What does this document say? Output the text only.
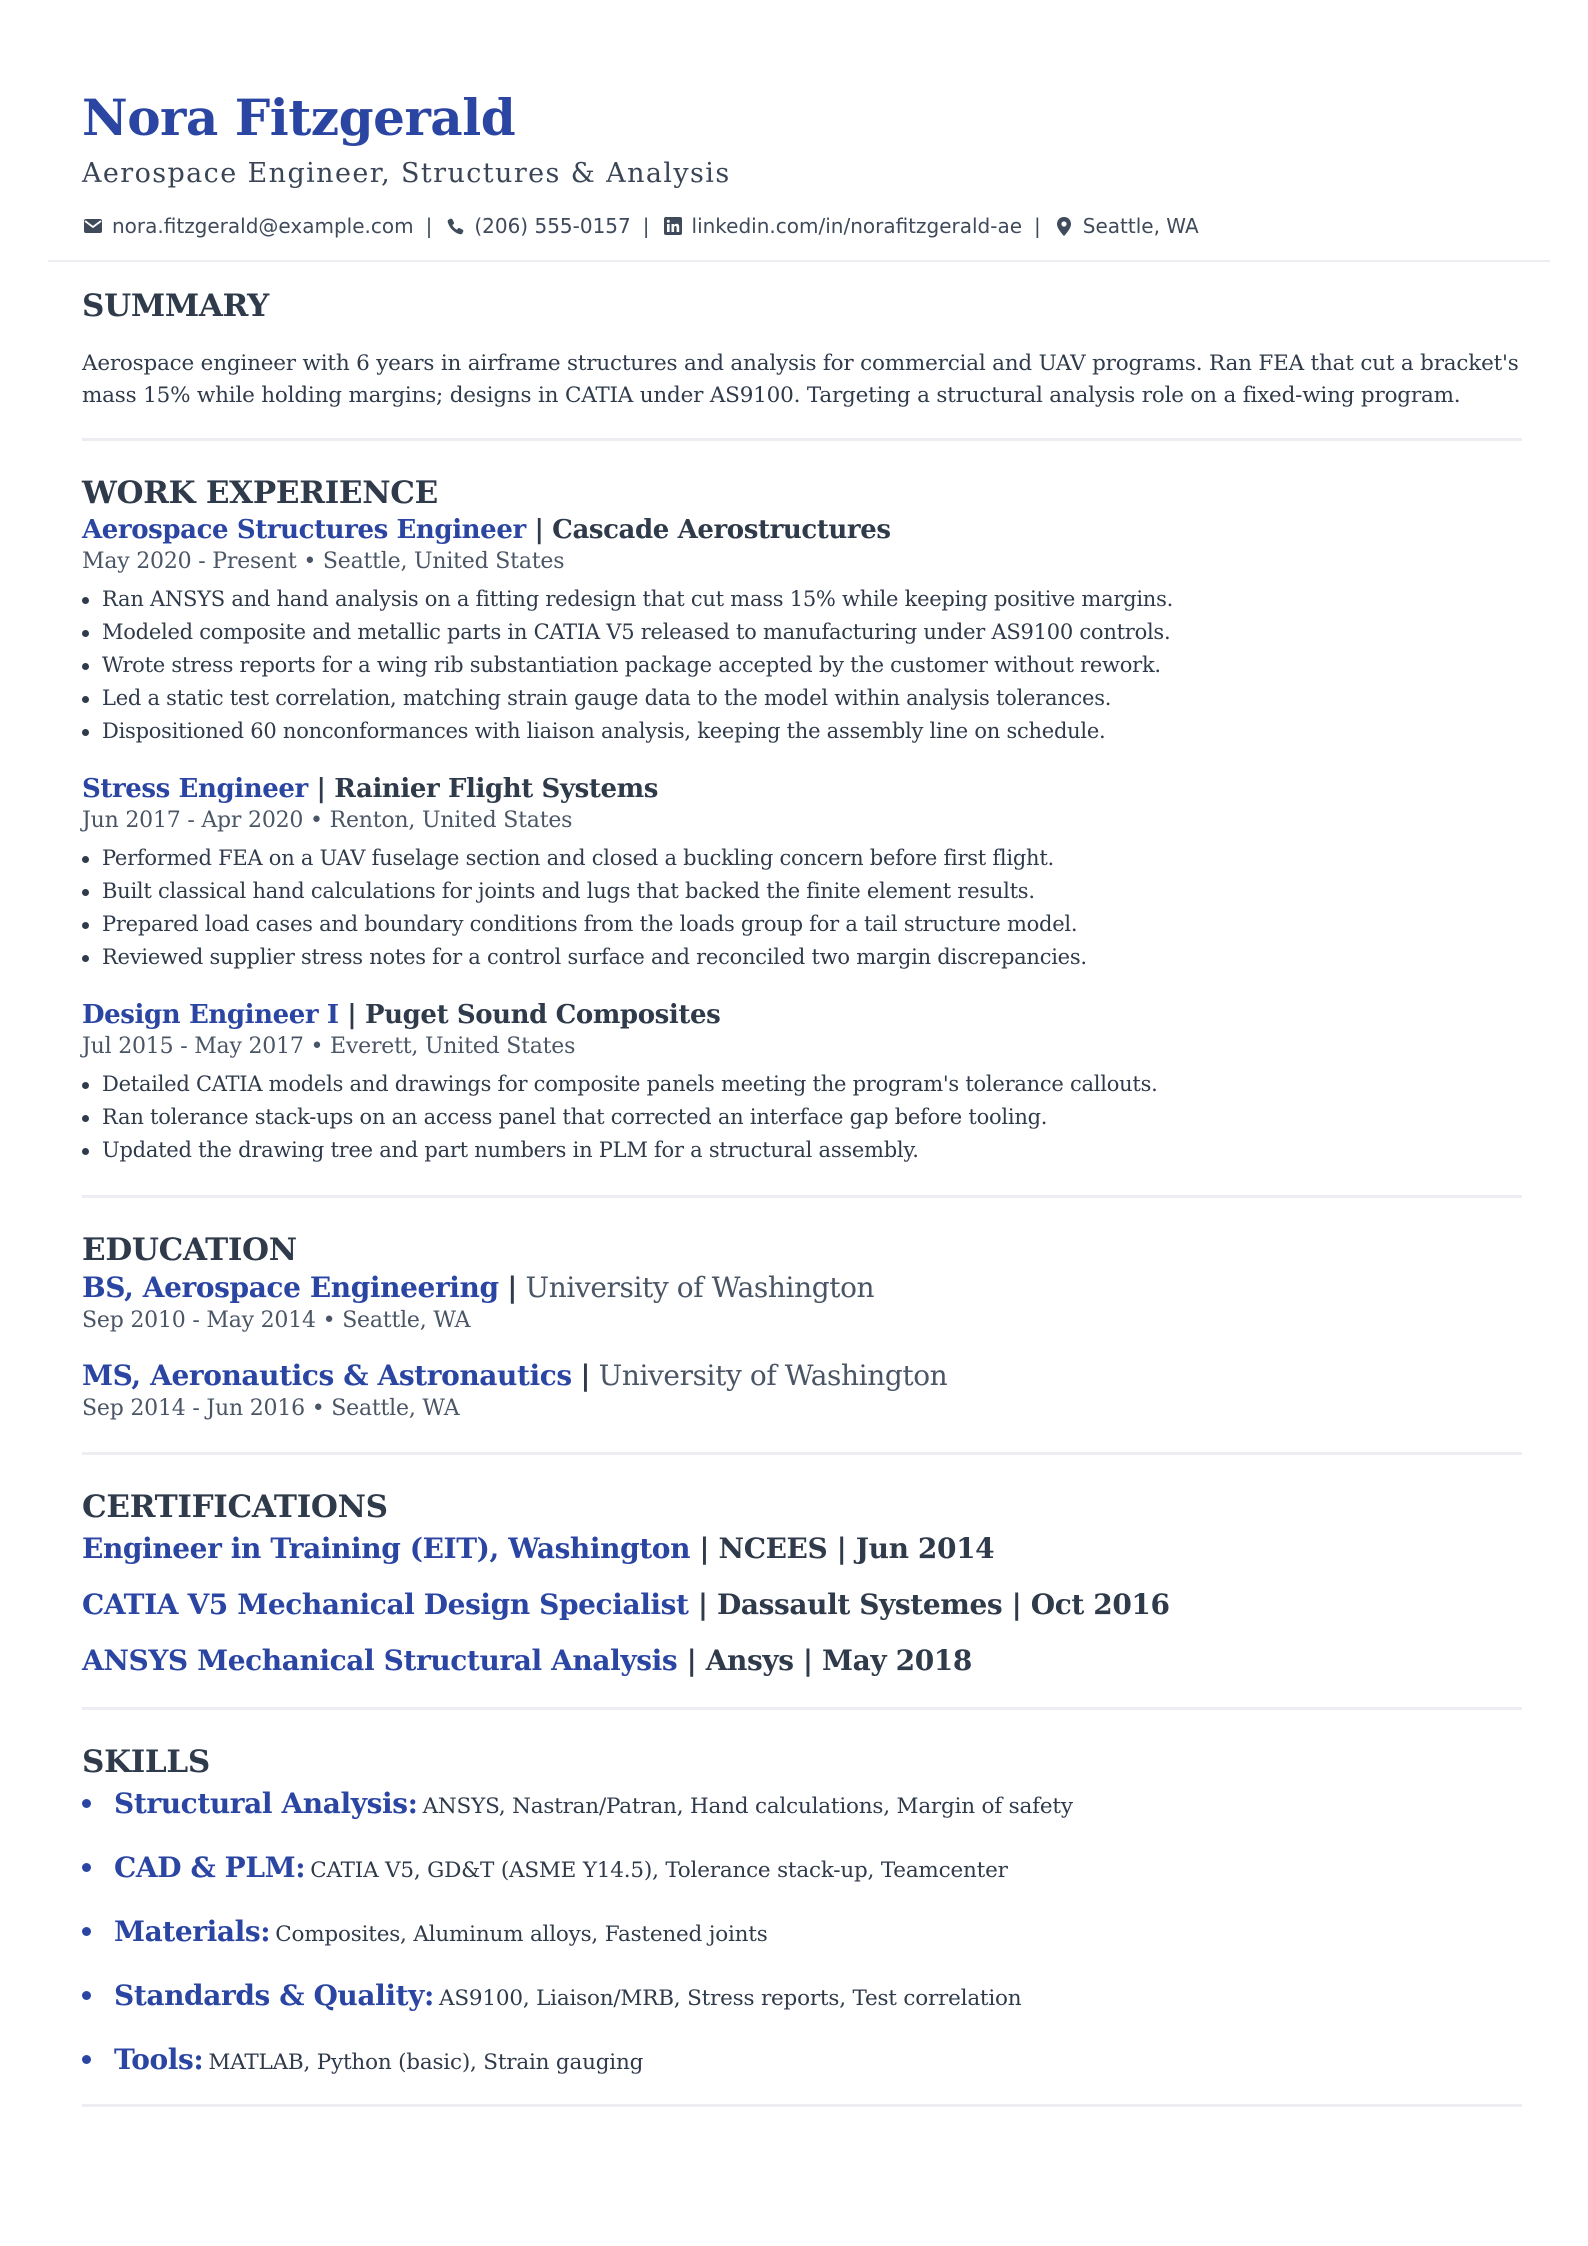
Nora Fitzgerald
Aerospace Engineer, Structures & Analysis
nora.fitzgerald@example.com | (206) 555-0157 | linkedin.com/in/norafitzgerald-ae | Seattle, WA
SUMMARY
Aerospace engineer with 6 years in airframe structures and analysis for commercial and UAV programs. Ran FEA that cut a bracket's mass 15% while holding margins; designs in CATIA under AS9100. Targeting a structural analysis role on a fixed-wing program.
WORK EXPERIENCE
Aerospace Structures Engineer | Cascade Aerostructures
May 2020 - Present • Seattle, United States
Ran ANSYS and hand analysis on a fitting redesign that cut mass 15% while keeping positive margins.
Modeled composite and metallic parts in CATIA V5 released to manufacturing under AS9100 controls.
Wrote stress reports for a wing rib substantiation package accepted by the customer without rework.
Led a static test correlation, matching strain gauge data to the model within analysis tolerances.
Dispositioned 60 nonconformances with liaison analysis, keeping the assembly line on schedule.
Stress Engineer | Rainier Flight Systems
Jun 2017 - Apr 2020 • Renton, United States
Performed FEA on a UAV fuselage section and closed a buckling concern before first flight.
Built classical hand calculations for joints and lugs that backed the finite element results.
Prepared load cases and boundary conditions from the loads group for a tail structure model.
Reviewed supplier stress notes for a control surface and reconciled two margin discrepancies.
Design Engineer I | Puget Sound Composites
Jul 2015 - May 2017 • Everett, United States
Detailed CATIA models and drawings for composite panels meeting the program's tolerance callouts.
Ran tolerance stack-ups on an access panel that corrected an interface gap before tooling.
Updated the drawing tree and part numbers in PLM for a structural assembly.
EDUCATION
BS, Aerospace Engineering | University of Washington
Sep 2010 - May 2014 • Seattle, WA
MS, Aeronautics & Astronautics | University of Washington
Sep 2014 - Jun 2016 • Seattle, WA
CERTIFICATIONS
Engineer in Training (EIT), Washington | NCEES | Jun 2014
CATIA V5 Mechanical Design Specialist | Dassault Systemes | Oct 2016
ANSYS Mechanical Structural Analysis | Ansys | May 2018
SKILLS
Structural Analysis: ANSYS, Nastran/Patran, Hand calculations, Margin of safety
CAD & PLM: CATIA V5, GD&T (ASME Y14.5), Tolerance stack-up, Teamcenter
Materials: Composites, Aluminum alloys, Fastened joints
Standards & Quality: AS9100, Liaison/MRB, Stress reports, Test correlation
Tools: MATLAB, Python (basic), Strain gauging
